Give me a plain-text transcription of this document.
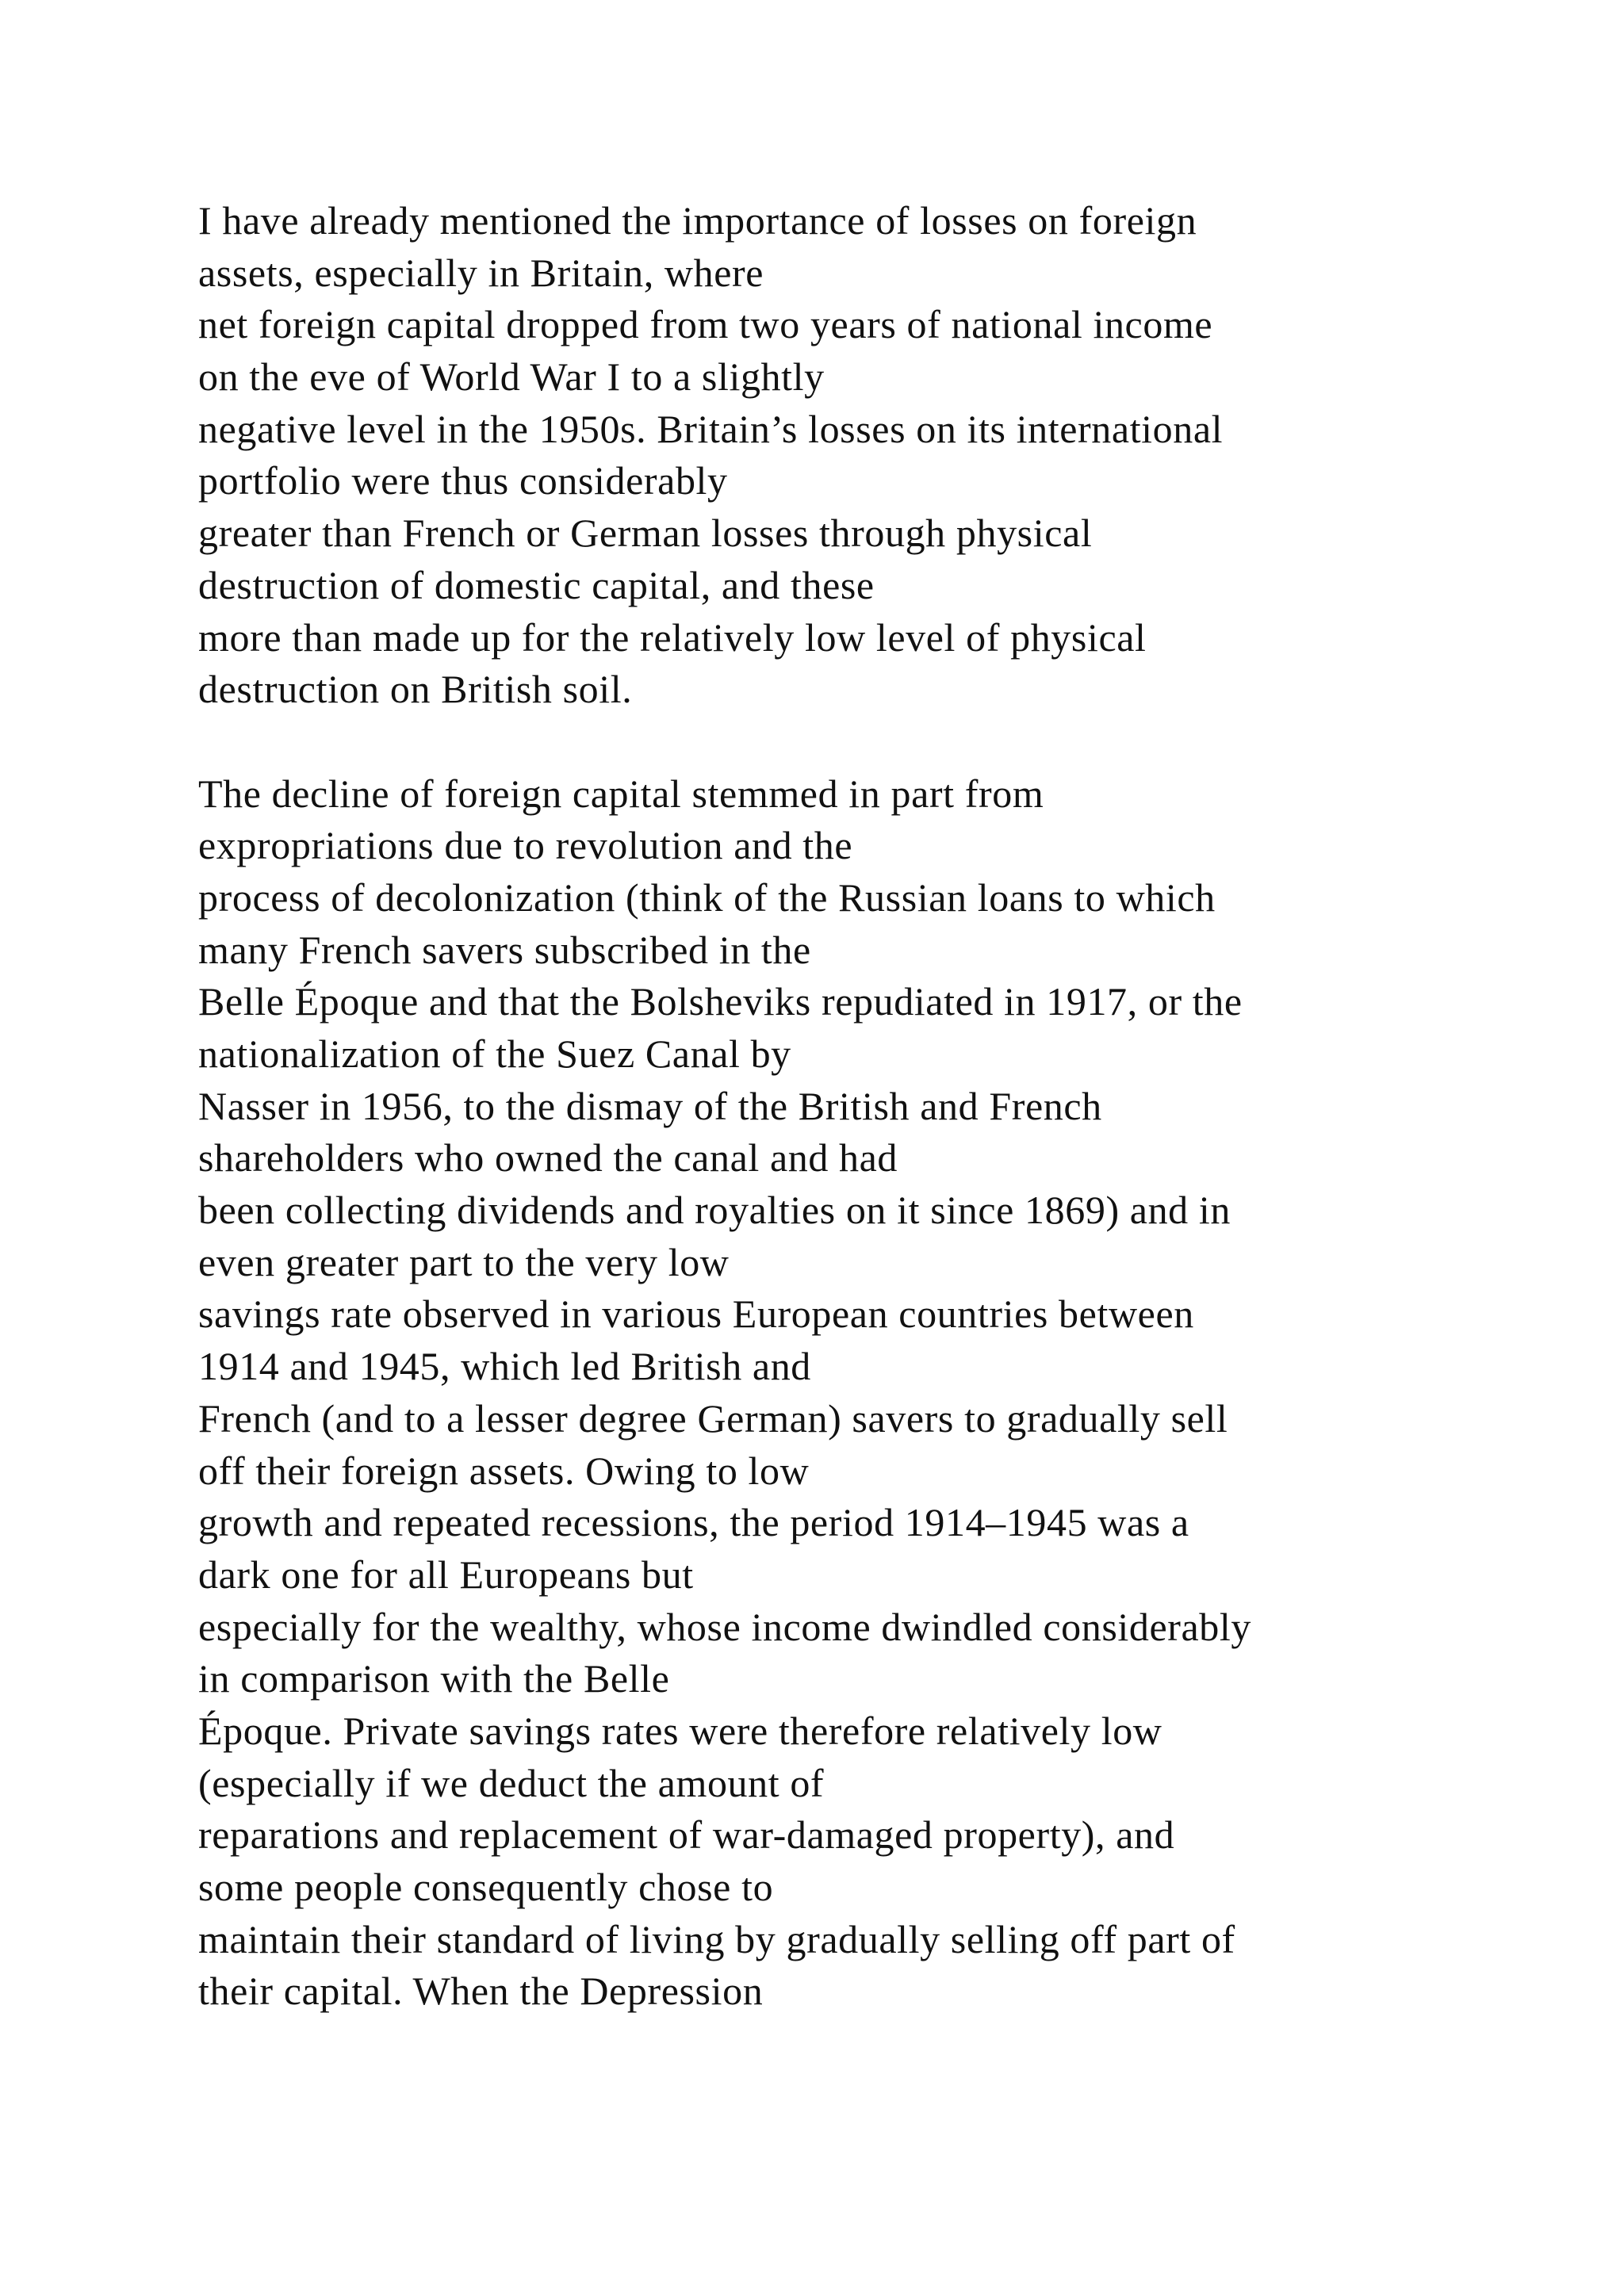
I have already mentioned the importance of losses on foreign
assets, especially in Britain, where
net foreign capital dropped from two years of national income
on the eve of World War I to a slightly
negative level in the 1950s. Britain’s losses on its international
portfolio were thus considerably
greater than French or German losses through physical
destruction of domestic capital, and these
more than made up for the relatively low level of physical
destruction on British soil.
The decline of foreign capital stemmed in part from
expropriations due to revolution and the
process of decolonization (think of the Russian loans to which
many French savers subscribed in the
Belle Époque and that the Bolsheviks repudiated in 1917, or the
nationalization of the Suez Canal by
Nasser in 1956, to the dismay of the British and French
shareholders who owned the canal and had
been collecting dividends and royalties on it since 1869) and in
even greater part to the very low
savings rate observed in various European countries between
1914 and 1945, which led British and
French (and to a lesser degree German) savers to gradually sell
off their foreign assets. Owing to low
growth and repeated recessions, the period 1914–1945 was a
dark one for all Europeans but
especially for the wealthy, whose income dwindled considerably
in comparison with the Belle
Époque. Private savings rates were therefore relatively low
(especially if we deduct the amount of
reparations and replacement of war-damaged property), and
some people consequently chose to
maintain their standard of living by gradually selling off part of
their capital. When the Depression
